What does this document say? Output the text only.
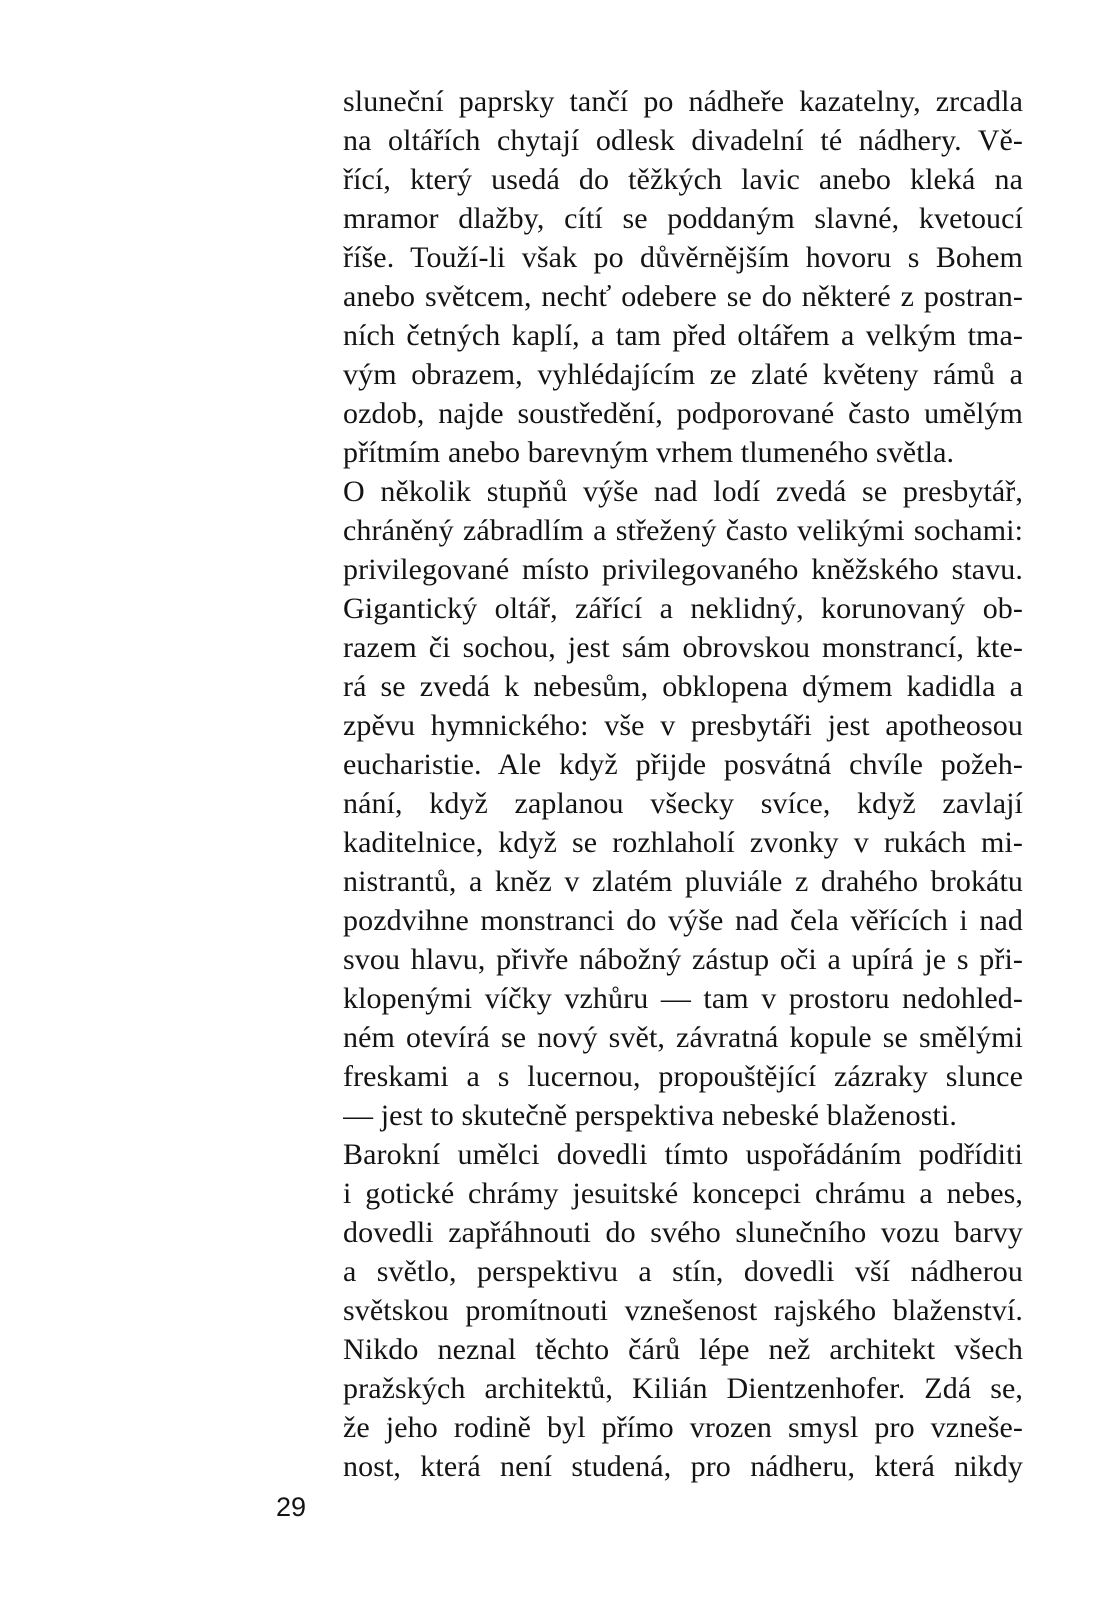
sluneční paprsky tančí po nádheře kazatelny, zrcadla
na oltářích chytají odlesk divadelní té nádhery. Vě-
řící, který usedá do těžkých lavic anebo kleká na
mramor dlažby, cítí se poddaným slavné, kvetoucí
říše. Touží-li však po důvěrnějším hovoru s Bohem
anebo světcem, nechť odebere se do některé z postran-
ních četných kaplí, a tam před oltářem a velkým tma-
vým obrazem, vyhlédajícím ze zlaté květeny rámů a
ozdob, najde soustředění, podporované často umělým
přítmím anebo barevným vrhem tlumeného světla.
O několik stupňů výše nad lodí zvedá se presbytář,
chráněný zábradlím a střežený často velikými sochami:
privilegované místo privilegovaného kněžského stavu.
Gigantický oltář, zářící a neklidný, korunovaný ob-
razem či sochou, jest sám obrovskou monstrancí, kte-
rá se zvedá k nebesům, obklopena dýmem kadidla a
zpěvu hymnického: vše v presbytáři jest apotheosou
eucharistie. Ale když přijde posvátná chvíle požeh-
nání, když zaplanou všecky svíce, když zavlají
kaditelnice, když se rozhlaholí zvonky v rukách mi-
nistrantů, a kněz v zlatém pluviále z drahého brokátu
pozdvihne monstranci do výše nad čela věřících i nad
svou hlavu, přivře nábožný zástup oči a upírá je s při-
klopenými víčky vzhůru — tam v prostoru nedohled-
ném otevírá se nový svět, závratná kopule se smělými
freskami a s lucernou, propouštějící zázraky slunce
— jest to skutečně perspektiva nebeské blaženosti.
Barokní umělci dovedli tímto uspořádáním podříditi
i gotické chrámy jesuitské koncepci chrámu a nebes,
dovedli zapřáhnouti do svého slunečního vozu barvy
a světlo, perspektivu a stín, dovedli vší nádherou
světskou promítnouti vznešenost rajského blaženství.
Nikdo neznal těchto čárů lépe než architekt všech
pražských architektů, Kilián Dientzenhofer. Zdá se,
že jeho rodině byl přímo vrozen smysl pro vzneše-
nost, která není studená, pro nádheru, která nikdy
29
